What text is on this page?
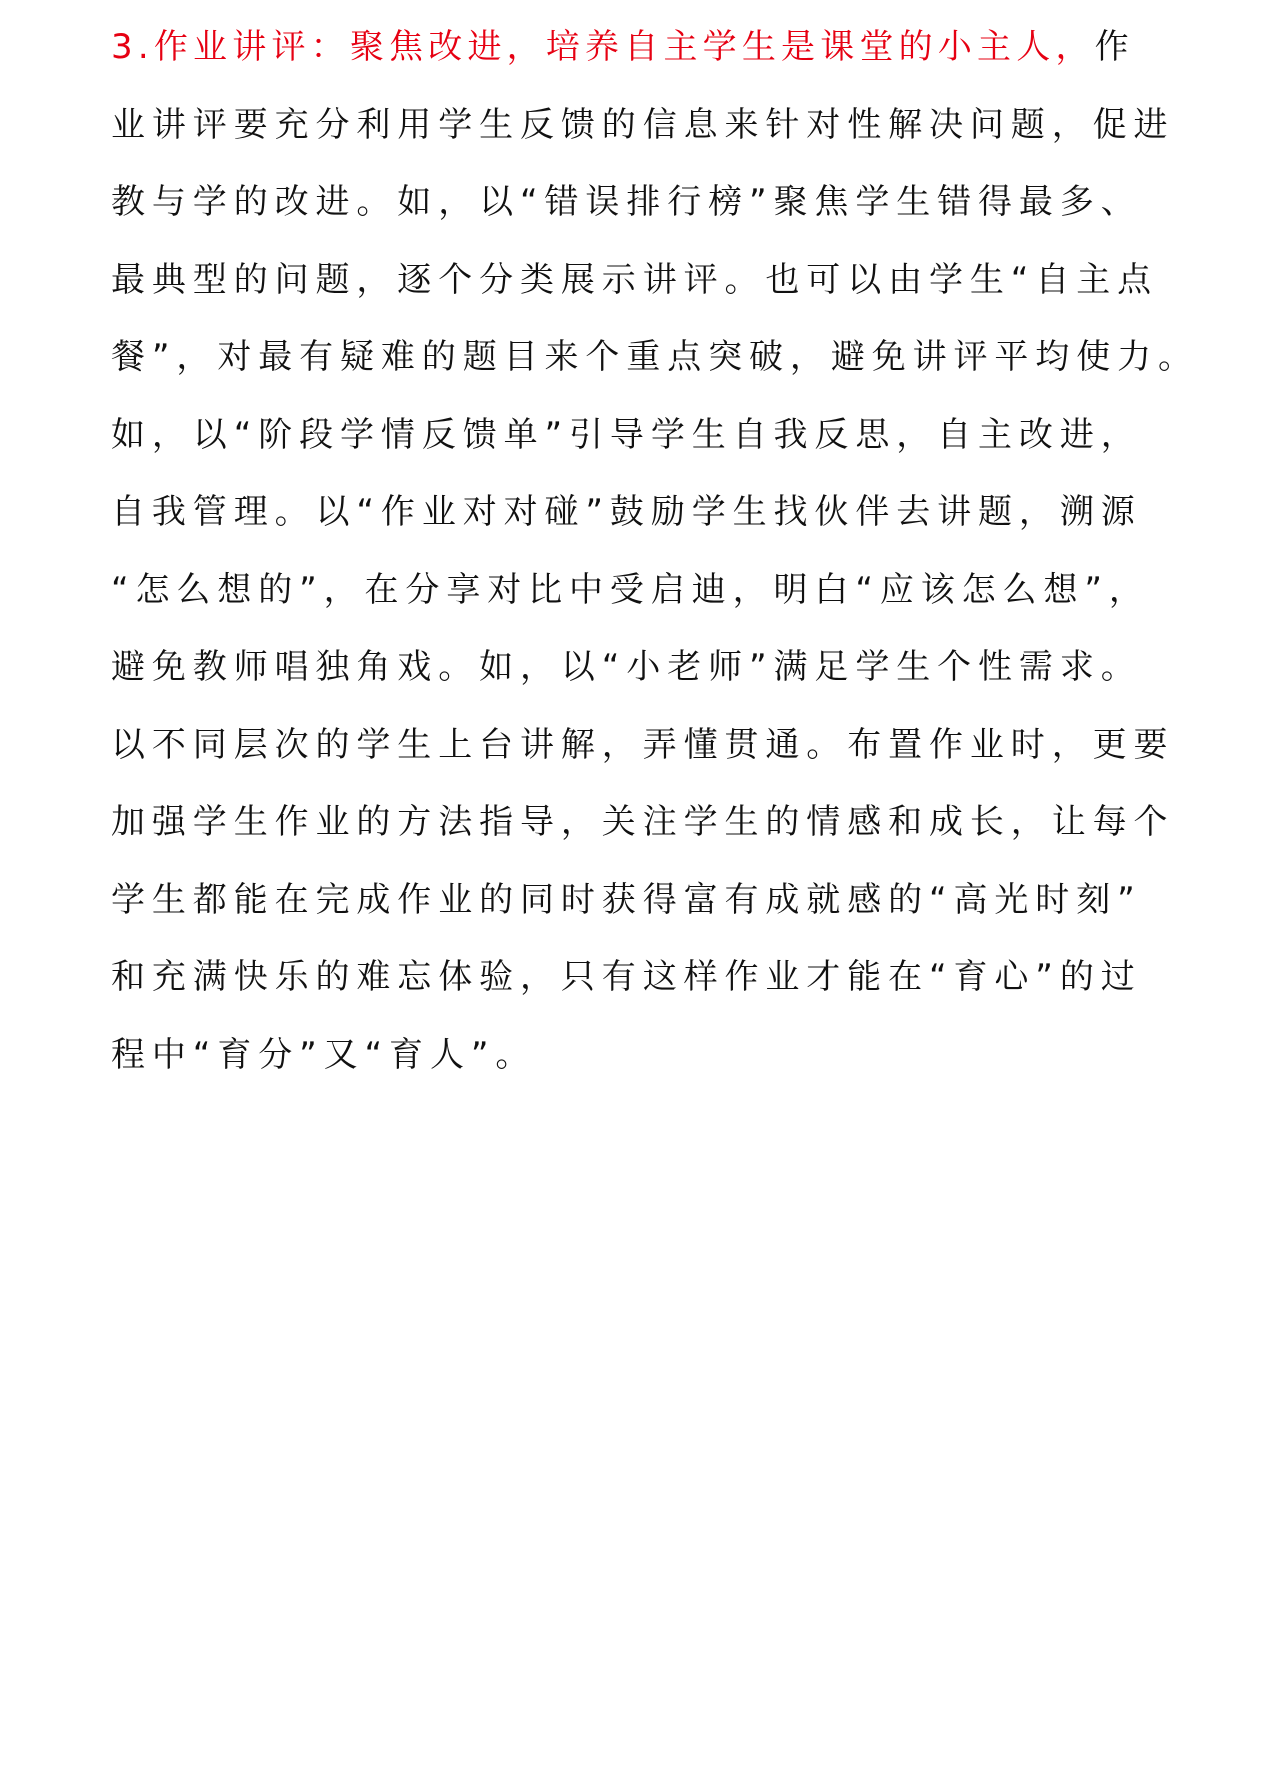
3.作业讲评：聚焦改进，培养自主学生是课堂的小主人，作
业讲评要充分利用学生反馈的信息来针对性解决问题，促进
教与学的改进。如，以“错误排行榜”聚焦学生错得最多、
最典型的问题，逐个分类展示讲评。也可以由学生“自主点
餐”，对最有疑难的题目来个重点突破，避免讲评平均使力。
如，以“阶段学情反馈单”引导学生自我反思，自主改进，
自我管理。以“作业对对碰”鼓励学生找伙伴去讲题，溯源
“怎么想的”，在分享对比中受启迪，明白“应该怎么想”，
避免教师唱独角戏。如，以“小老师”满足学生个性需求。
以不同层次的学生上台讲解，弄懂贯通。布置作业时，更要
加强学生作业的方法指导，关注学生的情感和成长，让每个
学生都能在完成作业的同时获得富有成就感的“高光时刻”
和充满快乐的难忘体验，只有这样作业才能在“育心”的过
程中“育分”又“育人”。
